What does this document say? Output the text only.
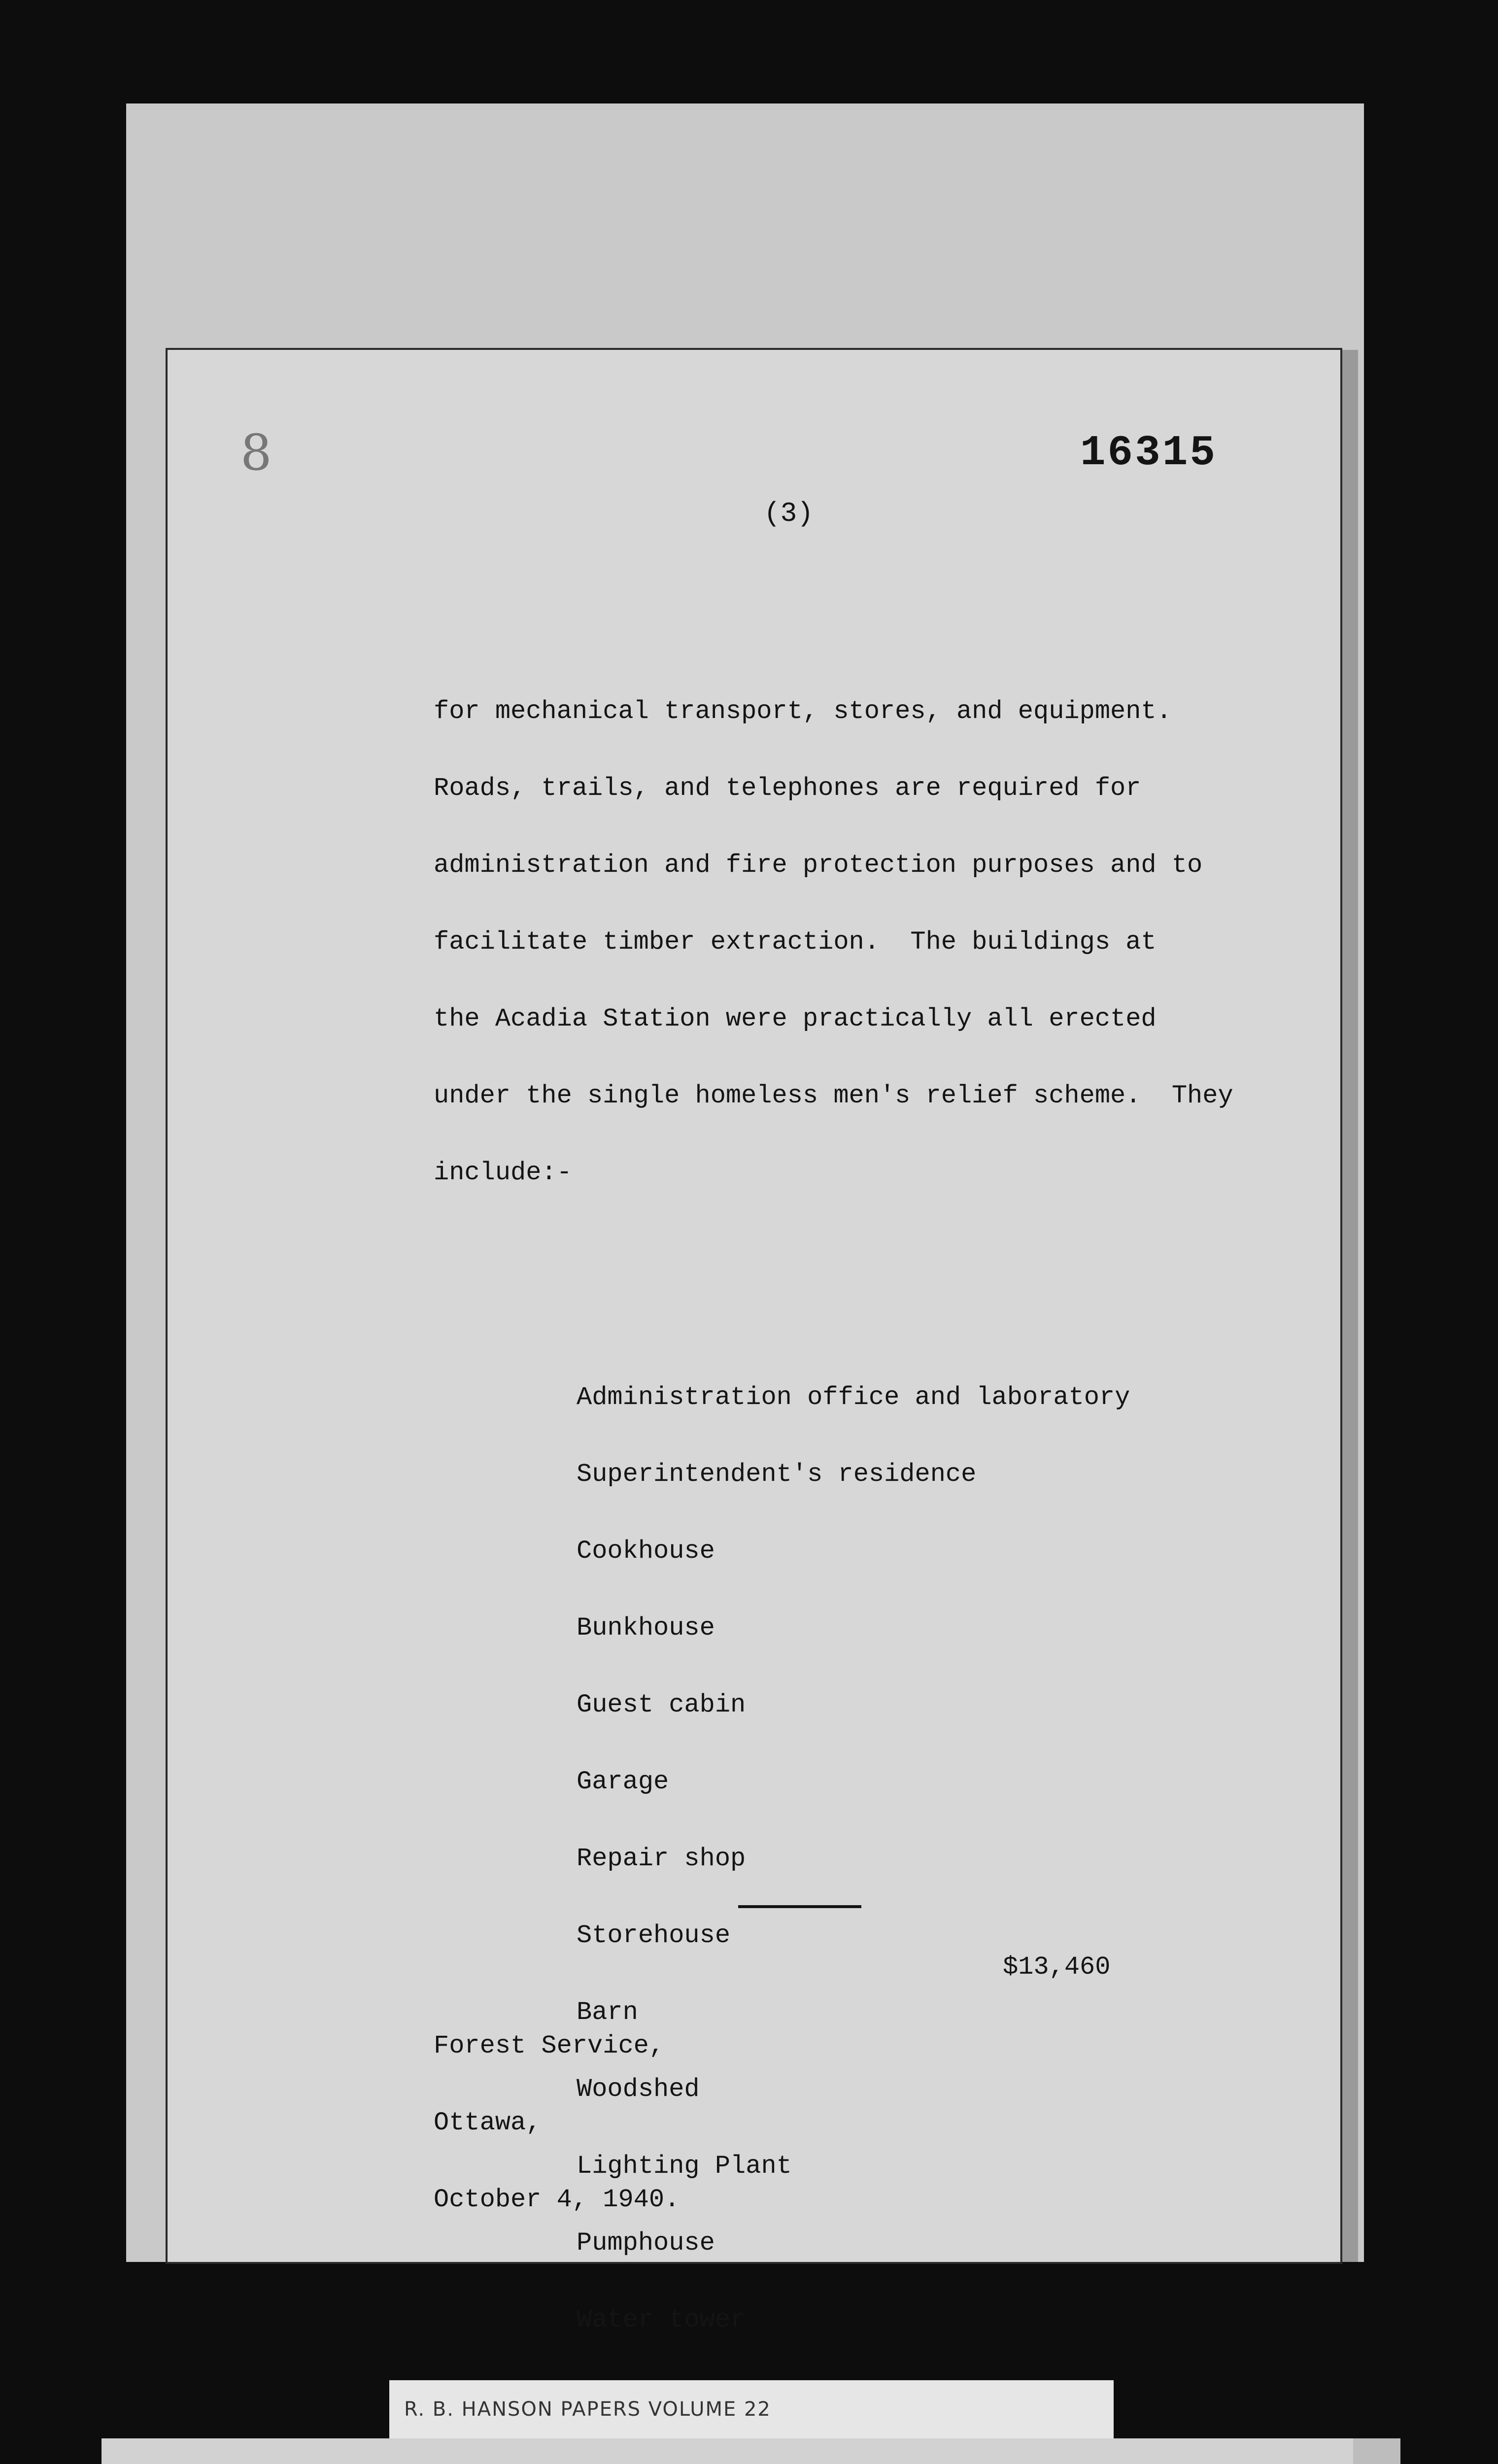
8	16315
(3)

for mechanical transport, stores, and equipment.

Roads, trails, and telephones are required for

administration and fire protection purposes and to

facilitate timber extraction.  The buildings at

the Acadia Station were practically all erected

under the single homeless men's relief scheme.  They

include:-

Administration office and laboratory

Superintendent's residence

Cookhouse

Bunkhouse

Guest cabin

Garage

Repair shop

Storehouse

Barn

Woodshed

Lighting Plant

Pumphouse

Water tower

$13,460

Forest Service,

Ottawa,

October 4, 1940.

R. B. HANSON PAPERS VOLUME 22
